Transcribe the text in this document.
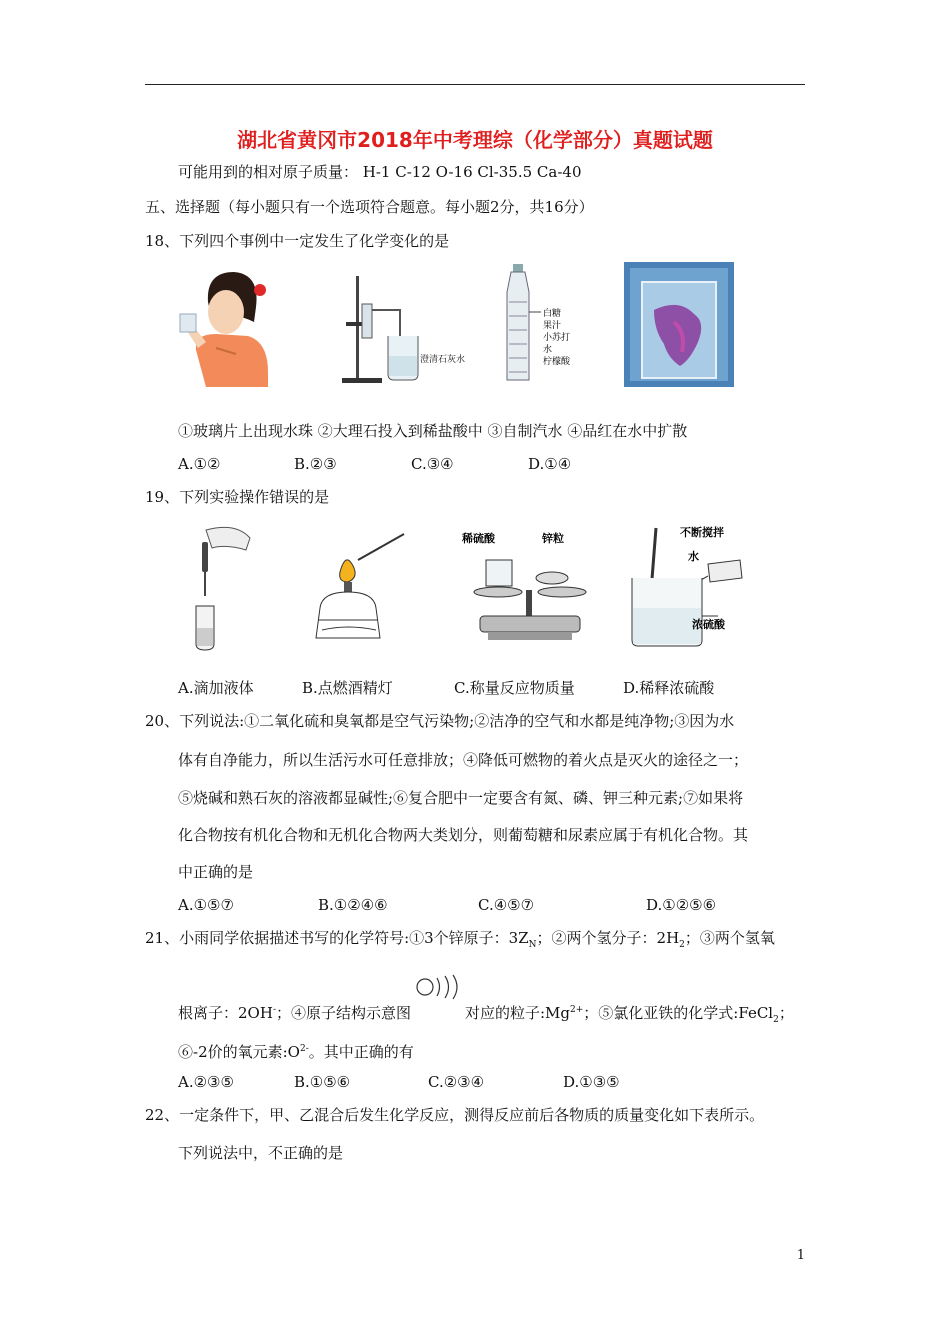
湖北省黄冈市2018年中考理综（化学部分）真题试题
可能用到的相对原子质量： H-1 C-12 O-16 Cl-35.5 Ca-40
五、选择题（每小题只有一个选项符合题意。每小题2分，共16分）
18、下列四个事例中一定发生了化学变化的是
澄清石灰水
白糖
果汁
小苏打
水
柠檬酸
①玻璃片上出现水珠 ②大理石投入到稀盐酸中 ③自制汽水 ④品红在水中扩散
A.①②	B.②③	C.③④	D.①④
19、下列实验操作错误的是
稀硫酸	锌粒	不断搅拌
水
浓硫酸
A.滴加液体	B.点燃酒精灯	C.称量反应物质量	D.稀释浓硫酸
20、下列说法:①二氧化硫和臭氧都是空气污染物;②洁净的空气和水都是纯净物;③因为水
体有自净能力，所以生活污水可任意排放；④降低可燃物的着火点是灭火的途径之一；
⑤烧碱和熟石灰的溶液都显碱性;⑥复合肥中一定要含有氮、磷、钾三种元素;⑦如果将
化合物按有机化合物和无机化合物两大类划分，则葡萄糖和尿素应属于有机化合物。其
中正确的是
A.①⑤⑦	B.①②④⑥	C.④⑤⑦	D.①②⑤⑥
21、小雨同学依据描述书写的化学符号:①3个锌原子：$3Z_N$；②两个氢分子：$2H_2$；③两个氢氧
根离子：2OH-；④原子结构示意图	对应的粒子$:Mg^{2+}$；⑤氯化亚铁的化学式:FeCl$_2$；
⑥-2价的氧元素$:O^{2-}$。其中正确的有
A.②③⑤	B.①⑤⑥	C.②③④	D.①③⑤
22、一定条件下，甲、乙混合后发生化学反应，测得反应前后各物质的质量变化如下表所示。
下列说法中，不正确的是
1
